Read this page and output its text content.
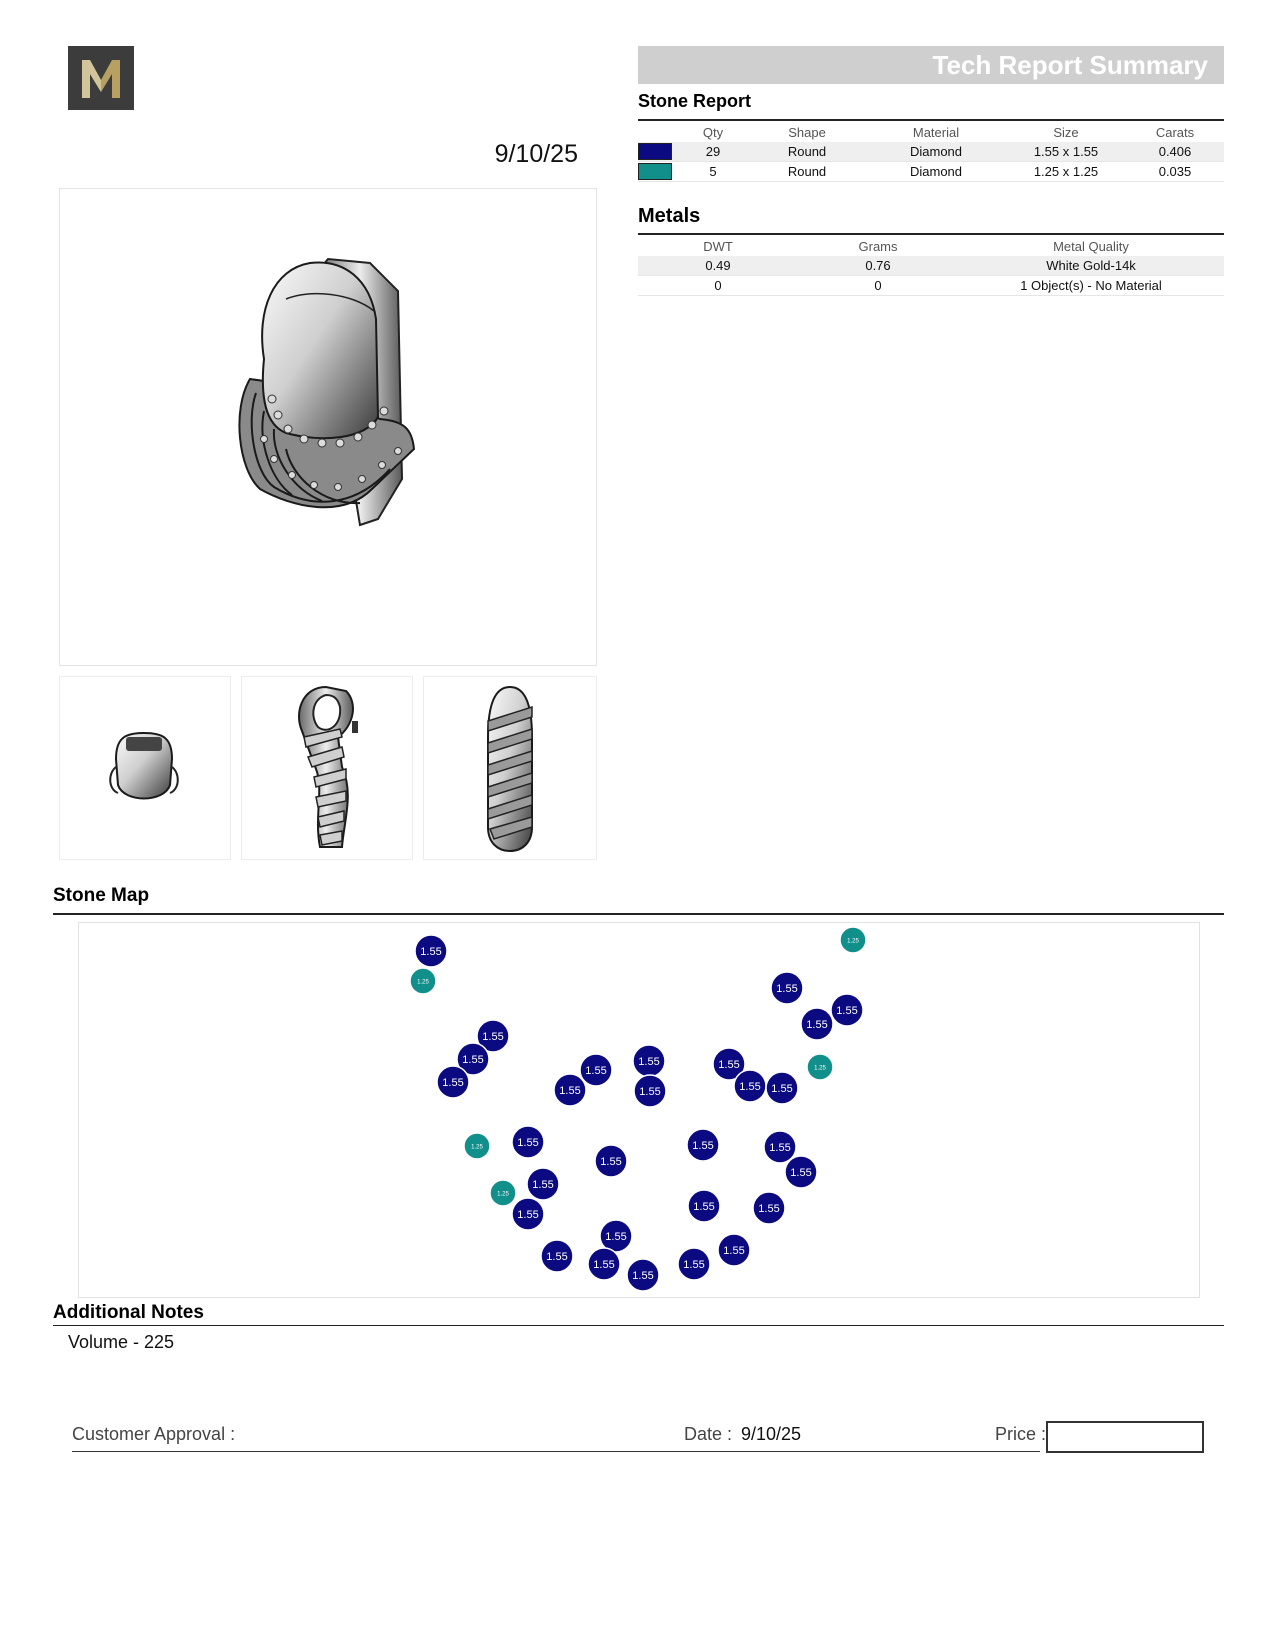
9/10/25
Tech Report Summary
Stone Report
	Qty	Shape	Material	Size	Carats
	29	Round	Diamond	1.55 x 1.55	0.406
	5	Round	Diamond	1.25 x 1.25	0.035
Metals
DWT	Grams	Metal Quality
0.49	0.76	White Gold-14k
0	0	1 Object(s) - No Material
Stone Map
1.55
1.55
1.55
1.55
1.55
1.55
1.55
1.55
1.55
1.55 1.55
1.55
1.55
1.55
1.55
1.55
1.55	1.55
1.55
1.55
1.55
1.55	1.55
1.55
1.55
1.55
1.55
1.55
1.55
1.25
1.25
1.25
1.25
1.25
Additional Notes
Volume - 225
Customer Approval :	Date : 9/10/25	Price :
